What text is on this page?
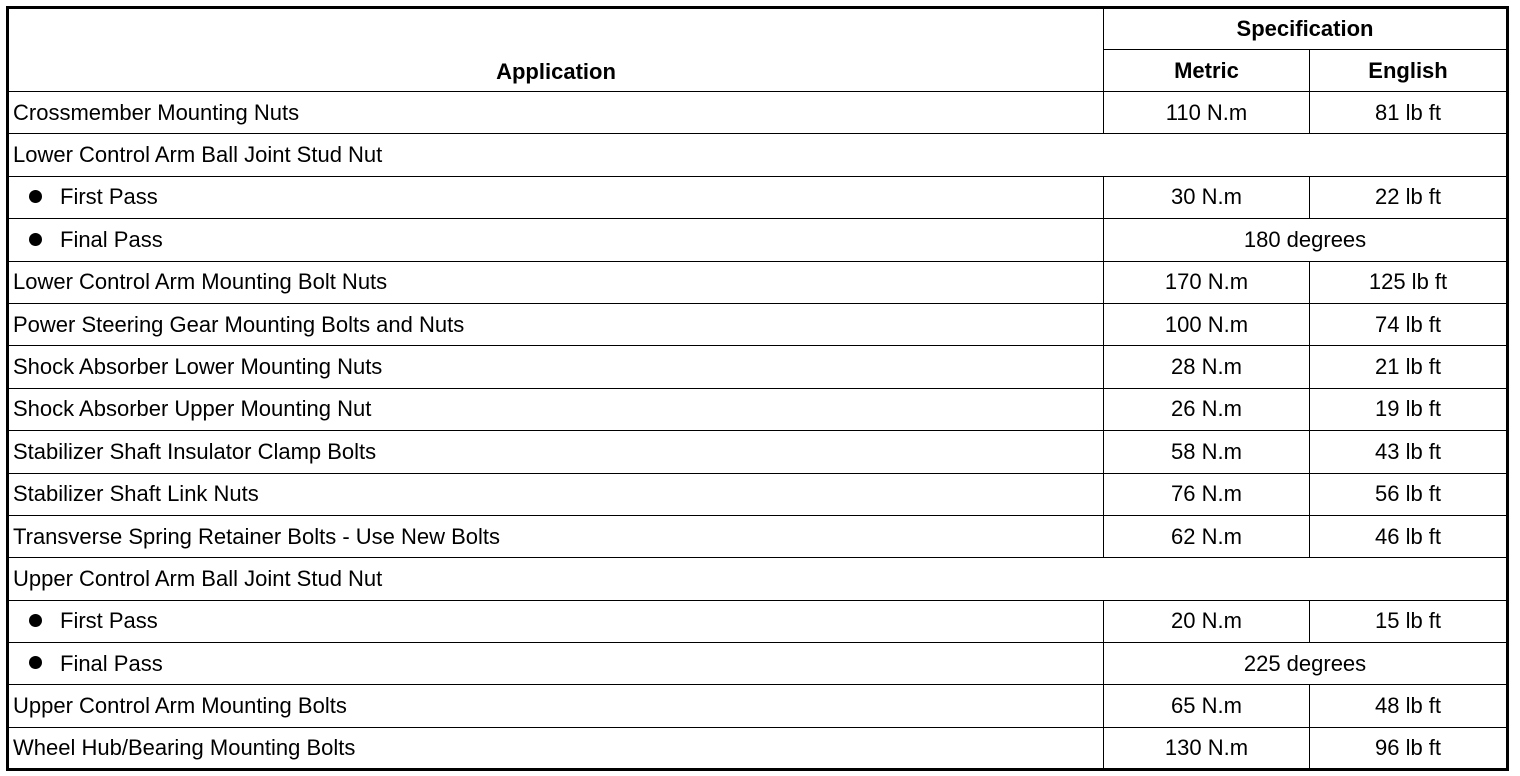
Application	Specification	
	Metric	English
Crossmember Mounting Nuts	110 N.m	81 lb ft
Lower Control Arm Ball Joint Stud Nut		
First Pass	30 N.m	22 lb ft
Final Pass	180 degrees	
Lower Control Arm Mounting Bolt Nuts	170 N.m	125 lb ft
Power Steering Gear Mounting Bolts and Nuts	100 N.m	74 lb ft
Shock Absorber Lower Mounting Nuts	28 N.m	21 lb ft
Shock Absorber Upper Mounting Nut	26 N.m	19 lb ft
Stabilizer Shaft Insulator Clamp Bolts	58 N.m	43 lb ft
Stabilizer Shaft Link Nuts	76 N.m	56 lb ft
Transverse Spring Retainer Bolts - Use New Bolts	62 N.m	46 lb ft
Upper Control Arm Ball Joint Stud Nut		
First Pass	20 N.m	15 lb ft
Final Pass	225 degrees	
Upper Control Arm Mounting Bolts	65 N.m	48 lb ft
Wheel Hub/Bearing Mounting Bolts	130 N.m	96 lb ft
